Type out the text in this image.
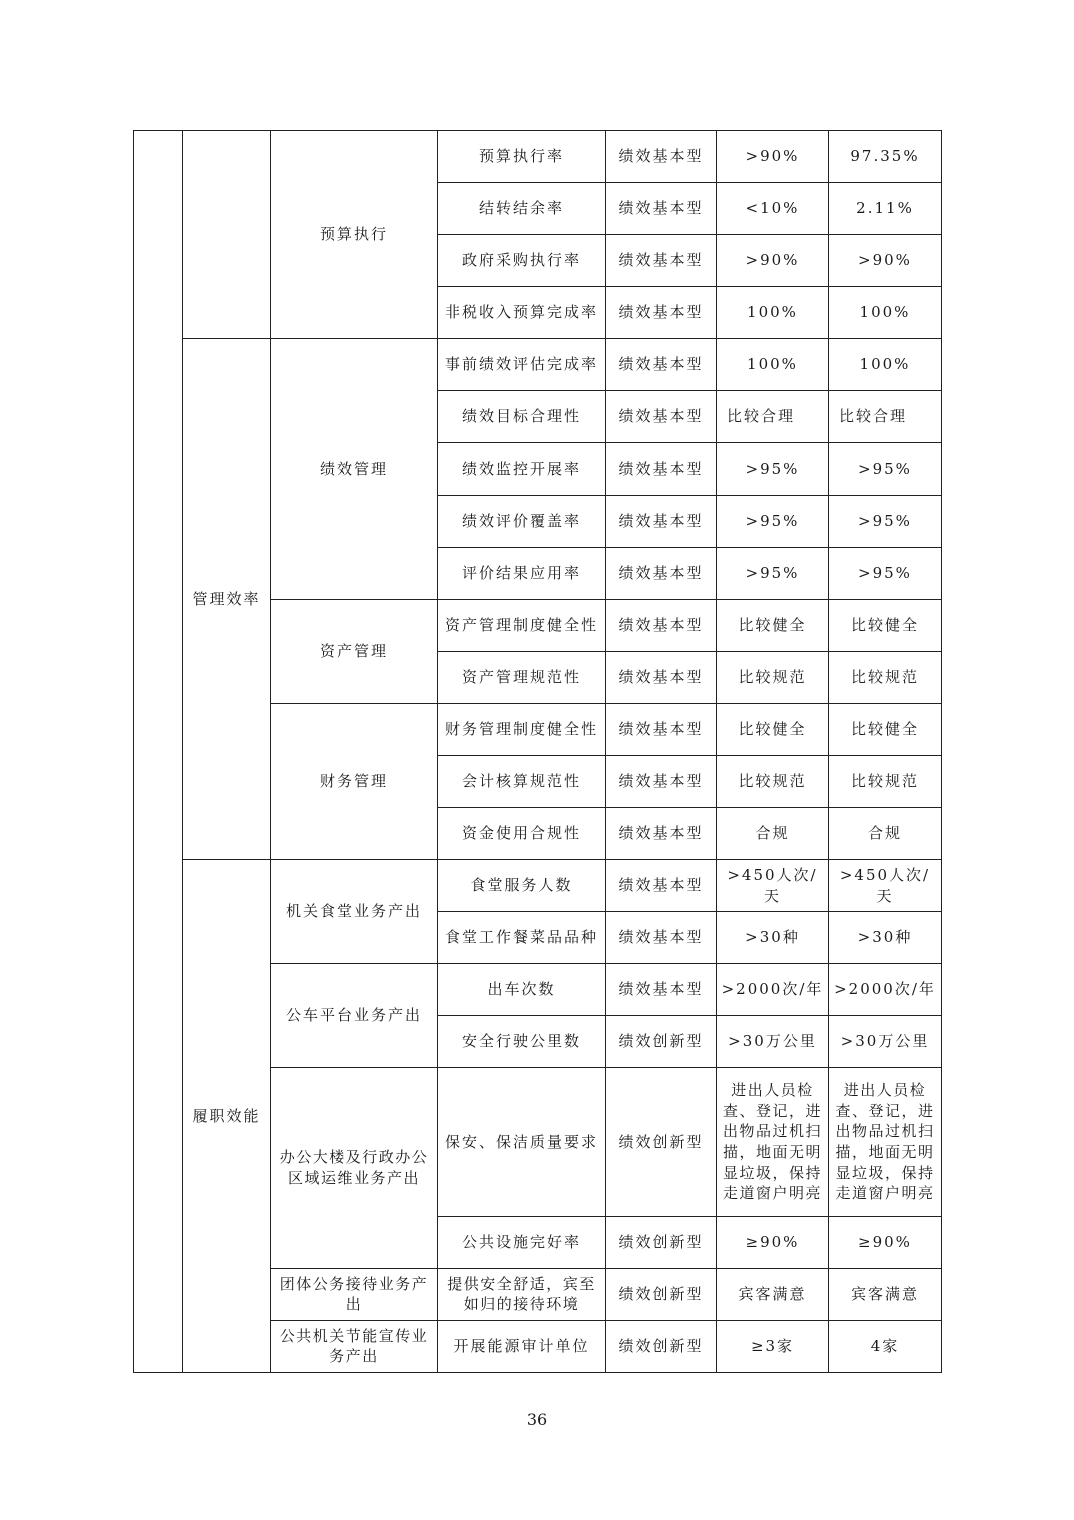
		预算执行	预算执行率	绩效基本型	>90%	97.35%
			结转结余率	绩效基本型	<10%	2.11%
			政府采购执行率	绩效基本型	>90%	>90%
			非税收入预算完成率	绩效基本型	100%	100%
	管理效率	绩效管理	事前绩效评估完成率	绩效基本型	100%	100%
			绩效目标合理性	绩效基本型	比较合理	比较合理
			绩效监控开展率	绩效基本型	>95%	>95%
			绩效评价覆盖率	绩效基本型	>95%	>95%
			评价结果应用率	绩效基本型	>95%	>95%
		资产管理	资产管理制度健全性	绩效基本型	比较健全	比较健全
			资产管理规范性	绩效基本型	比较规范	比较规范
		财务管理	财务管理制度健全性	绩效基本型	比较健全	比较健全
			会计核算规范性	绩效基本型	比较规范	比较规范
			资金使用合规性	绩效基本型	合规	合规
	履职效能	机关食堂业务产出	食堂服务人数	绩效基本型	>450人次/天	>450人次/天
			食堂工作餐菜品品种	绩效基本型	>30种	>30种
		公车平台业务产出	出车次数	绩效基本型	>2000次/年	>2000次/年
			安全行驶公里数	绩效创新型	>30万公里	>30万公里
		办公大楼及行政办公区域运维业务产出	保安、保洁质量要求	绩效创新型	进出人员检查、登记，进出物品过机扫描，地面无明显垃圾，保持走道窗户明亮	进出人员检查、登记，进出物品过机扫描，地面无明显垃圾，保持走道窗户明亮
			公共设施完好率	绩效创新型	≥90%	≥90%
		团体公务接待业务产出	提供安全舒适，宾至如归的接待环境	绩效创新型	宾客满意	宾客满意
		公共机关节能宣传业务产出	开展能源审计单位	绩效创新型	≥3家	4家
36
